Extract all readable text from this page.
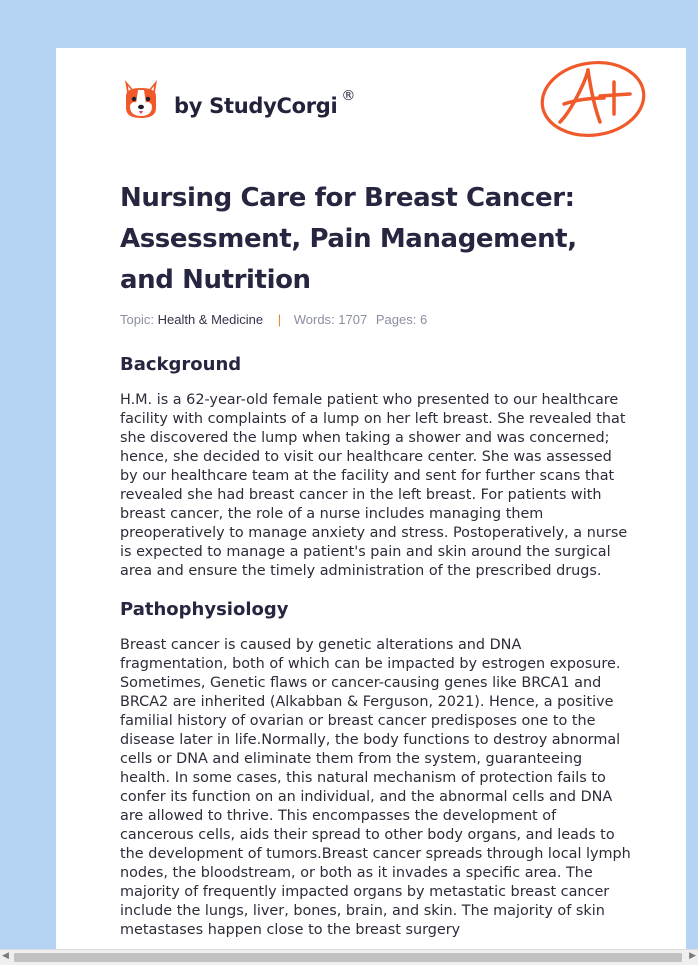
by StudyCorgi ®
Nursing Care for Breast Cancer: Assessment, Pain Management, and Nutrition
Topic: Health & Medicine | Words: 1707 Pages: 6
Background

H.M. is a 62-year-old female patient who presented to our healthcare facility with complaints of a lump on her left breast. She revealed that she discovered the lump when taking a shower and was concerned; hence, she decided to visit our healthcare center. She was assessed by our healthcare team at the facility and sent for further scans that revealed she had breast cancer in the left breast. For patients with breast cancer, the role of a nurse includes managing them preoperatively to manage anxiety and stress. Postoperatively, a nurse is expected to manage a patient's pain and skin around the surgical area and ensure the timely administration of the prescribed drugs.

Pathophysiology

Breast cancer is caused by genetic alterations and DNA fragmentation, both of which can be impacted by estrogen exposure. Sometimes, Genetic flaws or cancer-causing genes like BRCA1 and BRCA2 are inherited (Alkabban & Ferguson, 2021). Hence, a positive familial history of ovarian or breast cancer predisposes one to the disease later in life.Normally, the body functions to destroy abnormal cells or DNA and eliminate them from the system, guaranteeing health. In some cases, this natural mechanism of protection fails to confer its function on an individual, and the abnormal cells and DNA are allowed to thrive. This encompasses the development of cancerous cells, aids their spread to other body organs, and leads to the development of tumors.Breast cancer spreads through local lymph nodes, the bloodstream, or both as it invades a specific area. The majority of frequently impacted organs by metastatic breast cancer include the lungs, liver, bones, brain, and skin. The majority of skin metastases happen close to the breast surgery

◀	▶
